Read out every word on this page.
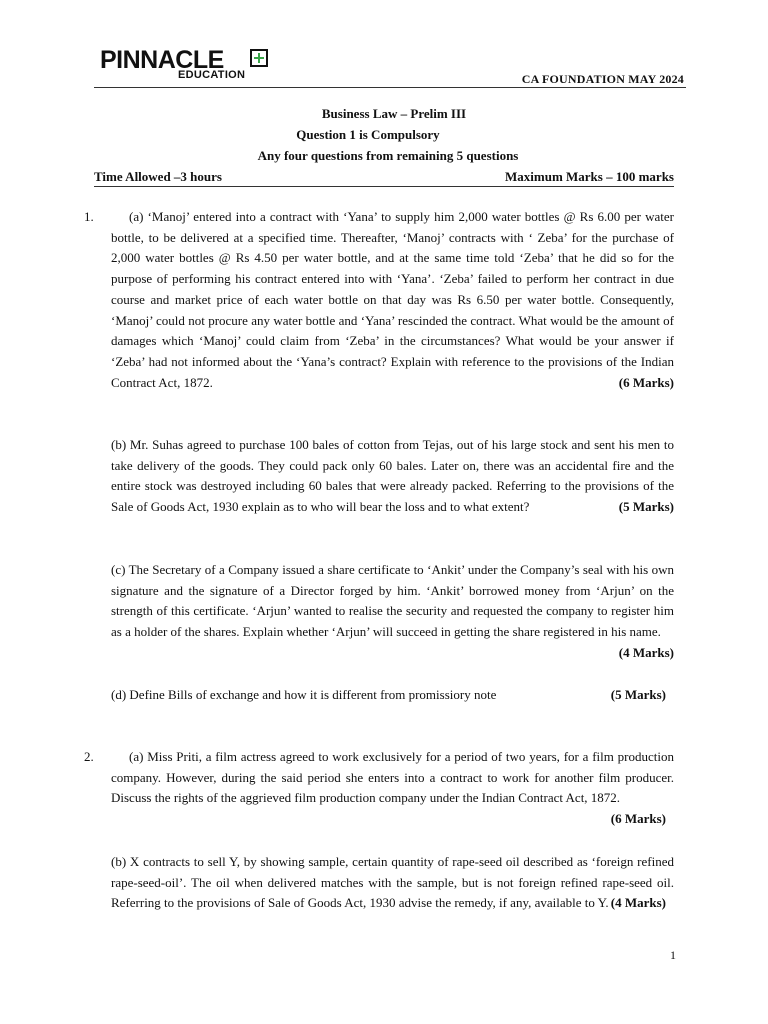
PINNACLE
EDUCATION	CA FOUNDATION MAY 2024
Business Law – Prelim III
Question 1 is Compulsory
Any four questions from remaining 5 questions
Time Allowed –3 hours	Maximum Marks – 100 marks
1.	(a) ‘Manoj’ entered into a contract with ‘Yana’ to supply him 2,000 water bottles @ Rs 6.00 per water bottle, to be delivered at a specified time. Thereafter, ‘Manoj’ contracts with ‘ Zeba’ for the purchase of 2,000 water bottles @ Rs 4.50 per water bottle, and at the same time told ‘Zeba’ that he did so for the purpose of performing his contract entered into with ‘Yana’. ‘Zeba’ failed to perform her contract in due course and market price of each water bottle on that day was Rs 6.50 per water bottle. Consequently, ‘Manoj’ could not procure any water bottle and ‘Yana’ rescinded the contract. What would be the amount of damages which ‘Manoj’ could claim from ‘Zeba’ in the circumstances? What would be your answer if ‘Zeba’ had not informed about the ‘Yana’s contract? Explain with reference to the provisions of the Indian Contract Act, 1872.	(6 Marks)
(b) Mr. Suhas agreed to purchase 100 bales of cotton from Tejas, out of his large stock and sent his men to take delivery of the goods. They could pack only 60 bales. Later on, there was an accidental fire and the entire stock was destroyed including 60 bales that were already packed. Referring to the provisions of the Sale of Goods Act, 1930 explain as to who will bear the loss and to what extent?	(5 Marks)
(c) The Secretary of a Company issued a share certificate to ‘Ankit’ under the Company’s seal with his own signature and the signature of a Director forged by him. ‘Ankit’ borrowed money from ‘Arjun’ on the strength of this certificate. ‘Arjun’ wanted to realise the security and requested the company to register him as a holder of the shares. Explain whether ‘Arjun’ will succeed in getting the share registered in his name.
(4 Marks)
(d) Define Bills of exchange and how it is different from promissiory note	(5 Marks)
2.	(a) Miss Priti, a film actress agreed to work exclusively for a period of two years, for a film production company. However, during the said period she enters into a contract to work for another film producer. Discuss the rights of the aggrieved film production company under the Indian Contract Act, 1872.
(6 Marks)
(b) X contracts to sell Y, by showing sample, certain quantity of rape-seed oil described as ‘foreign refined rape-seed-oil’. The oil when delivered matches with the sample, but is not foreign refined rape-seed oil. Referring to the provisions of Sale of Goods Act, 1930 advise the remedy, if any, available to Y. (4 Marks)
1
